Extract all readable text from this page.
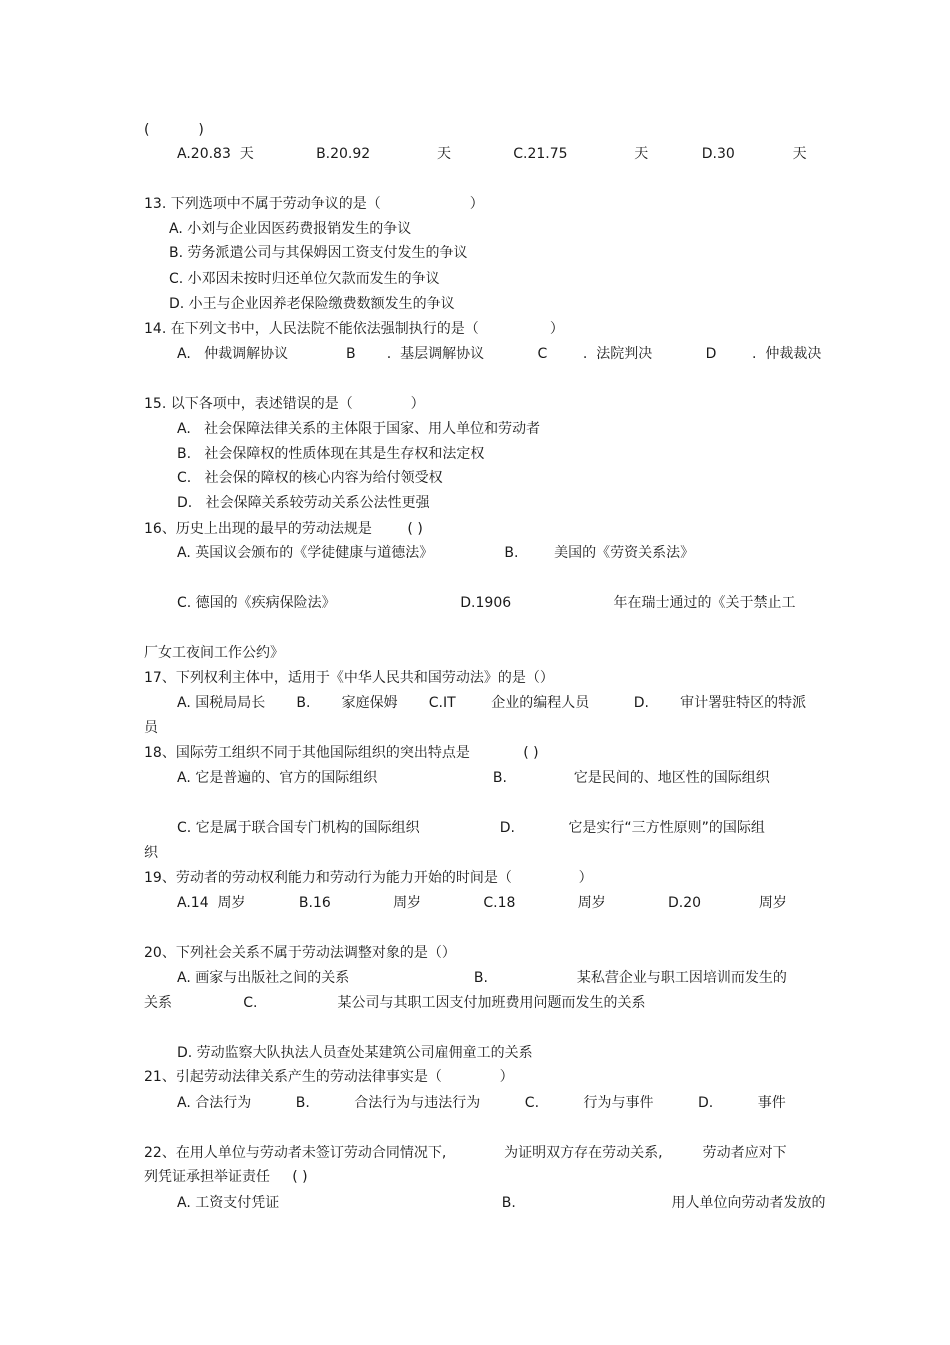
(           )
A.20.83  天              B.20.92               天              C.21.75               天            D.30             天
13. 下列选项中不属于劳动争议的是（                    ）
A. 小刘与企业因医药费报销发生的争议
B. 劳务派遣公司与其保姆因工资支付发生的争议
C. 小邓因未按时归还单位欠款而发生的争议
D. 小王与企业因养老保险缴费数额发生的争议
14. 在下列文书中，人民法院不能依法强制执行的是（                ）
A.   仲裁调解协议             B       .  基层调解协议            C        .  法院判决            D        .  仲裁裁决
15. 以下各项中，表述错误的是（             ）
A.   社会保障法律关系的主体限于国家、用人单位和劳动者
B.   社会保障权的性质体现在其是生存权和法定权
C.   社会保的障权的核心内容为给付领受权
D.   社会保障关系较劳动关系公法性更强
16、历史上出现的最早的劳动法规是        ( )
A. 英国议会颁布的《学徒健康与道德法》                B.        美国的《劳资关系法》
C. 德国的《疾病保险法》                            D.1906                       年在瑞士通过的《关于禁止工
厂女工夜间工作公约》
17、下列权利主体中，适用于《中华人民共和国劳动法》的是（）
A. 国税局局长       B.       家庭保姆       C.IT        企业的编程人员          D.       审计署驻特区的特派
员
18、国际劳工组织不同于其他国际组织的突出特点是            ( )
A. 它是普遍的、官方的国际组织                          B.               它是民间的、地区性的国际组织
C. 它是属于联合国专门机构的国际组织                  D.            它是实行“三方性原则”的国际组
织
19、劳动者的劳动权利能力和劳动行为能力开始的时间是（               ）
A.14  周岁            B.16              周岁              C.18              周岁              D.20             周岁
20、下列社会关系不属于劳动法调整对象的是（）
A. 画家与出版社之间的关系                            B.                    某私营企业与职工因培训而发生的
关系                C.                  某公司与其职工因支付加班费用问题而发生的关系
D. 劳动监察大队执法人员查处某建筑公司雇佣童工的关系
21、引起劳动法律关系产生的劳动法律事实是（             ）
A. 合法行为          B.          合法行为与违法行为          C.          行为与事件          D.          事件
22、在用人单位与劳动者未签订劳动合同情况下,             为证明双方存在劳动关系,         劳动者应对下
列凭证承担举证责任     ( )
A. 工资支付凭证                                                  B.                                   用人单位向劳动者发放的
